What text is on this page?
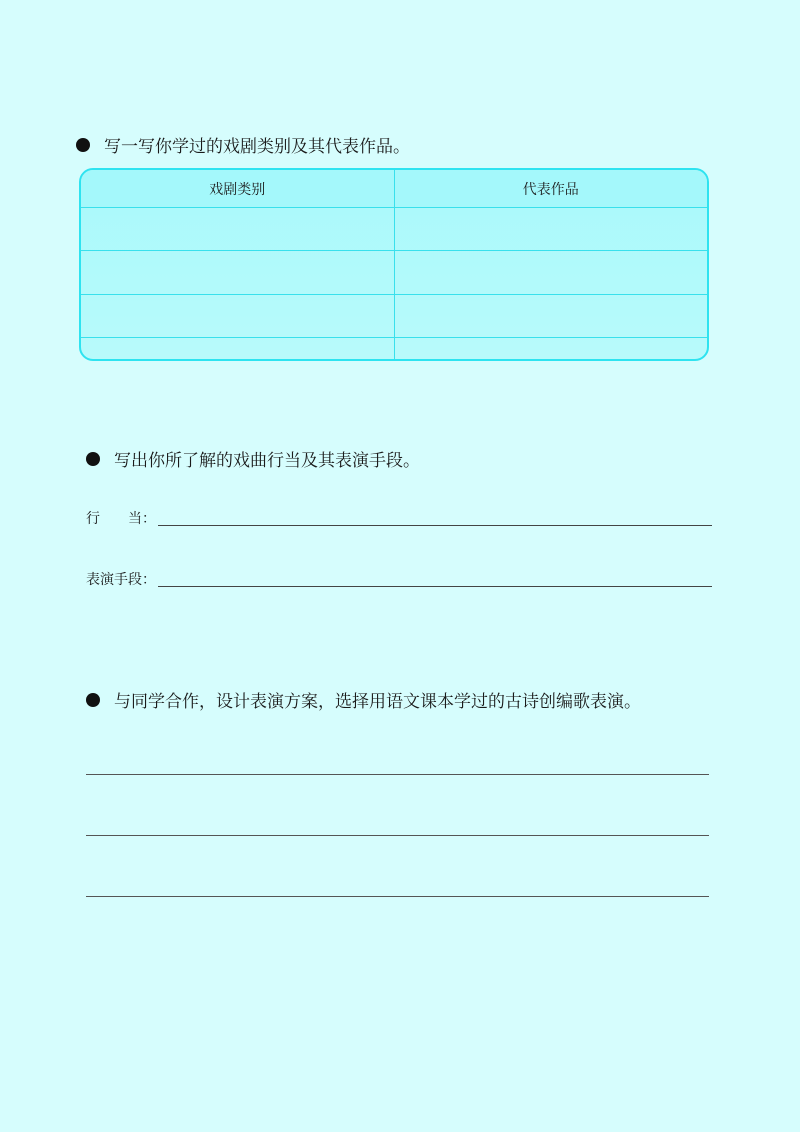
写一写你学过的戏剧类别及其代表作品。
戏剧类别	代表作品

写出你所了解的戏曲行当及其表演手段。
行　　当：
表演手段：
与同学合作，设计表演方案，选择用语文课本学过的古诗创编歌表演。
